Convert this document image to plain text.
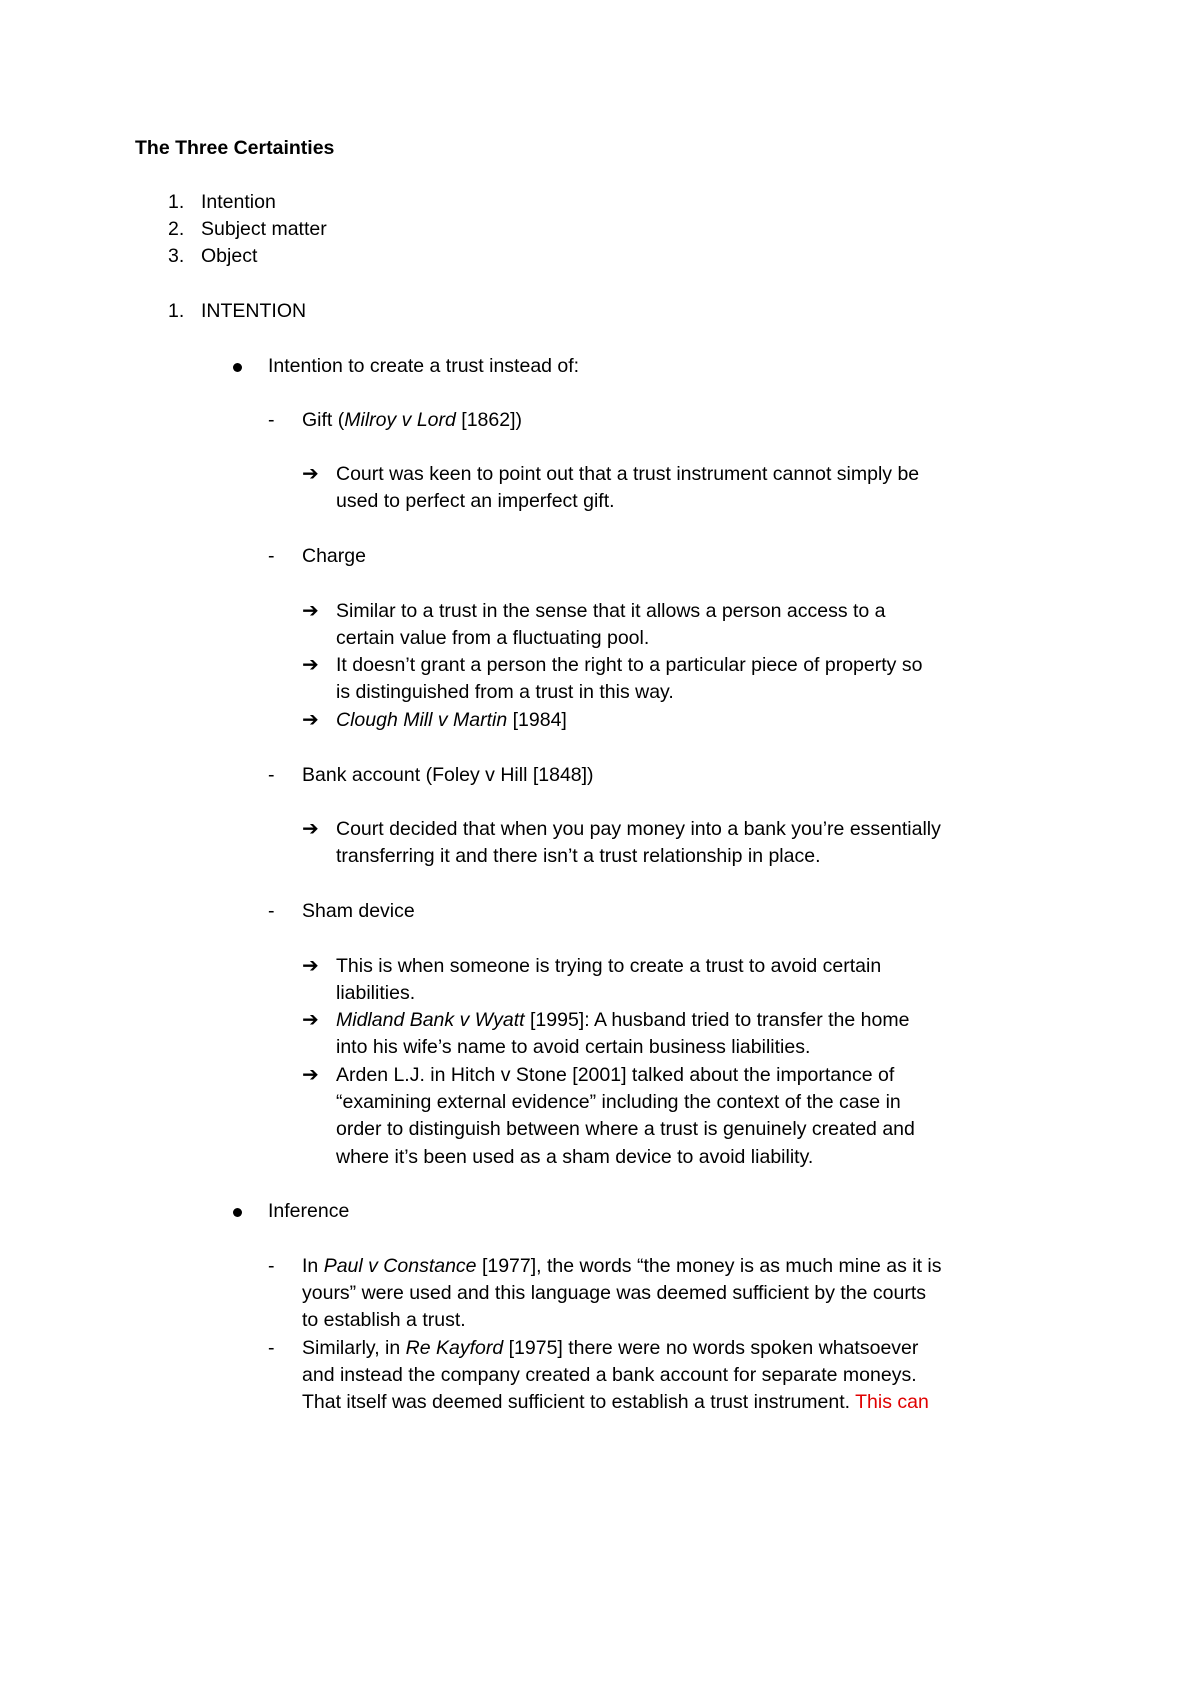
The Three Certainties
1. Intention
2. Subject matter
3. Object
1. INTENTION
Intention to create a trust instead of:
- Gift (Milroy v Lord [1862])
➔ Court was keen to point out that a trust instrument cannot simply be
used to perfect an imperfect gift.
- Charge
➔ Similar to a trust in the sense that it allows a person access to a
certain value from a fluctuating pool.
➔ It doesn’t grant a person the right to a particular piece of property so
is distinguished from a trust in this way.
➔ Clough Mill v Martin [1984]
- Bank account (Foley v Hill [1848])
➔ Court decided that when you pay money into a bank you’re essentially
transferring it and there isn’t a trust relationship in place.
- Sham device
➔ This is when someone is trying to create a trust to avoid certain
liabilities.
➔ Midland Bank v Wyatt [1995]: A husband tried to transfer the home
into his wife’s name to avoid certain business liabilities.
➔ Arden L.J. in Hitch v Stone [2001] talked about the importance of
“examining external evidence” including the context of the case in
order to distinguish between where a trust is genuinely created and
where it’s been used as a sham device to avoid liability.
Inference
- In Paul v Constance [1977], the words “the money is as much mine as it is
yours” were used and this language was deemed sufficient by the courts
to establish a trust.
- Similarly, in Re Kayford [1975] there were no words spoken whatsoever
and instead the company created a bank account for separate moneys.
That itself was deemed sufficient to establish a trust instrument. This can
